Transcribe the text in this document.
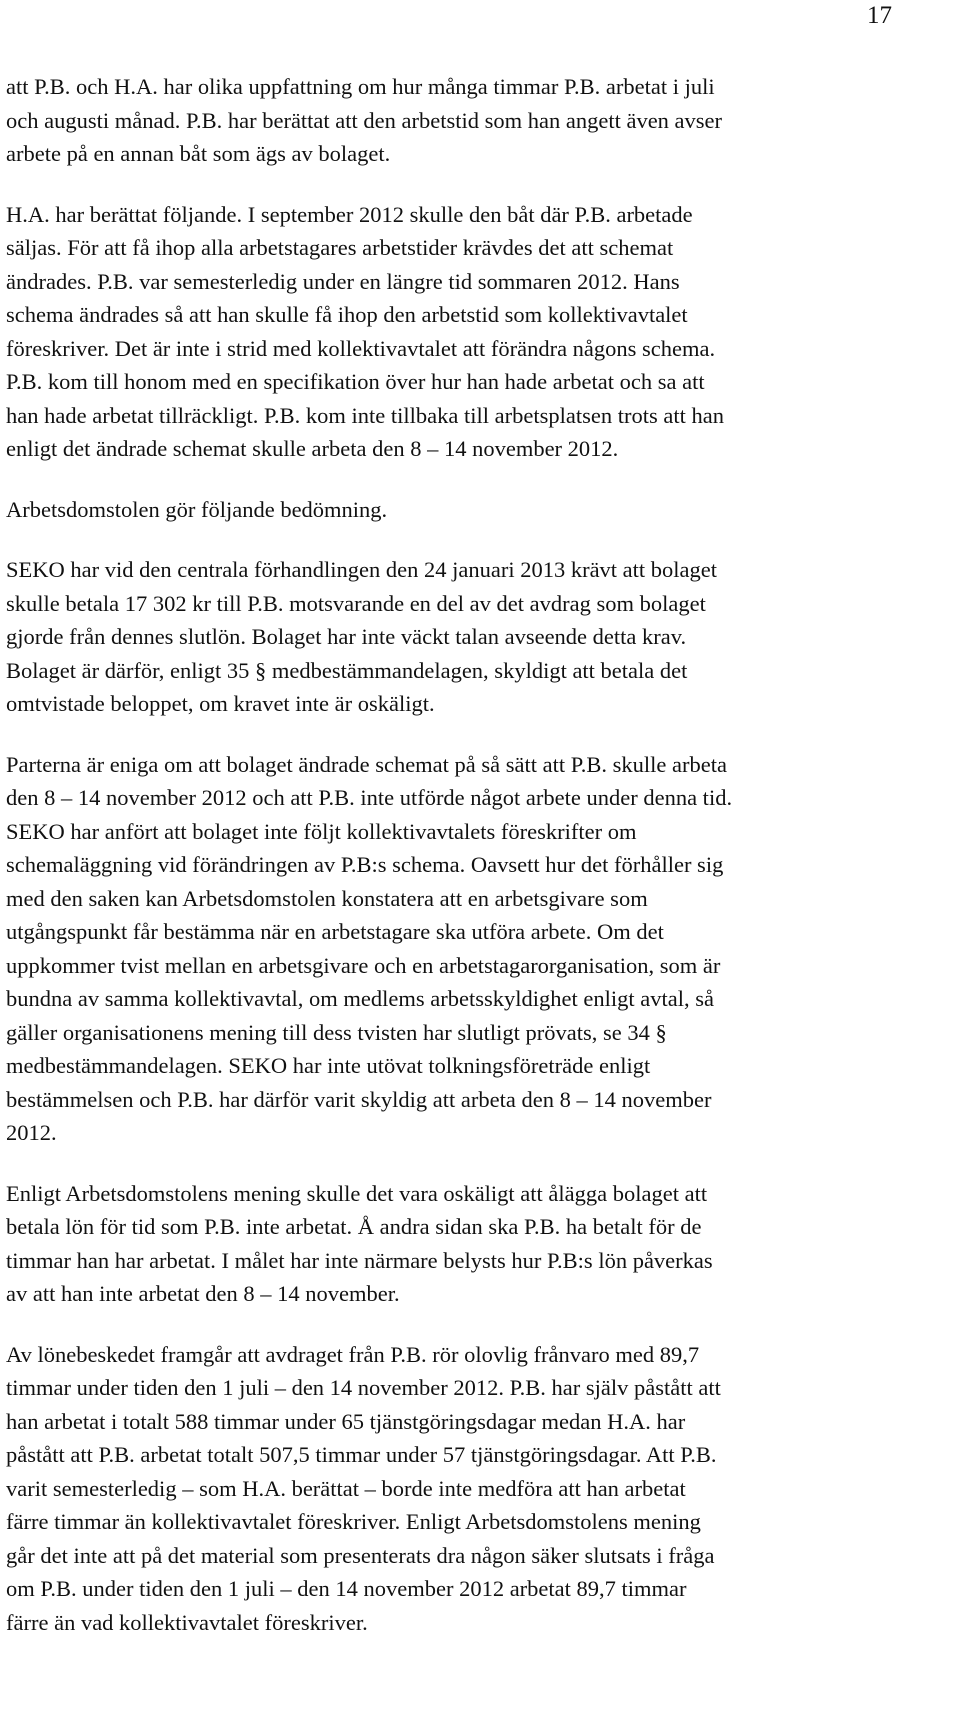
17

att P.B. och H.A. har olika uppfattning om hur många timmar P.B. arbetat i juli
och augusti månad. P.B. har berättat att den arbetstid som han angett även avser
arbete på en annan båt som ägs av bolaget.

H.A. har berättat följande. I september 2012 skulle den båt där P.B. arbetade
säljas. För att få ihop alla arbetstagares arbetstider krävdes det att schemat
ändrades. P.B. var semesterledig under en längre tid sommaren 2012. Hans
schema ändrades så att han skulle få ihop den arbetstid som kollektivavtalet
föreskriver. Det är inte i strid med kollektivavtalet att förändra någons schema.
P.B. kom till honom med en specifikation över hur han hade arbetat och sa att
han hade arbetat tillräckligt. P.B. kom inte tillbaka till arbetsplatsen trots att han
enligt det ändrade schemat skulle arbeta den 8 – 14 november 2012.

Arbetsdomstolen gör följande bedömning.

SEKO har vid den centrala förhandlingen den 24 januari 2013 krävt att bolaget
skulle betala 17 302 kr till P.B. motsvarande en del av det avdrag som bolaget
gjorde från dennes slutlön. Bolaget har inte väckt talan avseende detta krav.
Bolaget är därför, enligt 35 § medbestämmandelagen, skyldigt att betala det
omtvistade beloppet, om kravet inte är oskäligt.

Parterna är eniga om att bolaget ändrade schemat på så sätt att P.B. skulle arbeta
den 8 – 14 november 2012 och att P.B. inte utförde något arbete under denna tid.
SEKO har anfört att bolaget inte följt kollektivavtalets föreskrifter om
schemaläggning vid förändringen av P.B:s schema. Oavsett hur det förhåller sig
med den saken kan Arbetsdomstolen konstatera att en arbetsgivare som
utgångspunkt får bestämma när en arbetstagare ska utföra arbete. Om det
uppkommer tvist mellan en arbetsgivare och en arbetstagarorganisation, som är
bundna av samma kollektivavtal, om medlems arbetsskyldighet enligt avtal, så
gäller organisationens mening till dess tvisten har slutligt prövats, se 34 §
medbestämmandelagen. SEKO har inte utövat tolkningsföreträde enligt
bestämmelsen och P.B. har därför varit skyldig att arbeta den 8 – 14 november
2012.

Enligt Arbetsdomstolens mening skulle det vara oskäligt att ålägga bolaget att
betala lön för tid som P.B. inte arbetat. Å andra sidan ska P.B. ha betalt för de
timmar han har arbetat. I målet har inte närmare belysts hur P.B:s lön påverkas
av att han inte arbetat den 8 – 14 november.

Av lönebeskedet framgår att avdraget från P.B. rör olovlig frånvaro med 89,7
timmar under tiden den 1 juli – den 14 november 2012. P.B. har själv påstått att
han arbetat i totalt 588 timmar under 65 tjänstgöringsdagar medan H.A. har
påstått att P.B. arbetat totalt 507,5 timmar under 57 tjänstgöringsdagar. Att P.B.
varit semesterledig – som H.A. berättat – borde inte medföra att han arbetat
färre timmar än kollektivavtalet föreskriver. Enligt Arbetsdomstolens mening
går det inte att på det material som presenterats dra någon säker slutsats i fråga
om P.B. under tiden den 1 juli – den 14 november 2012 arbetat 89,7 timmar
färre än vad kollektivavtalet föreskriver.
